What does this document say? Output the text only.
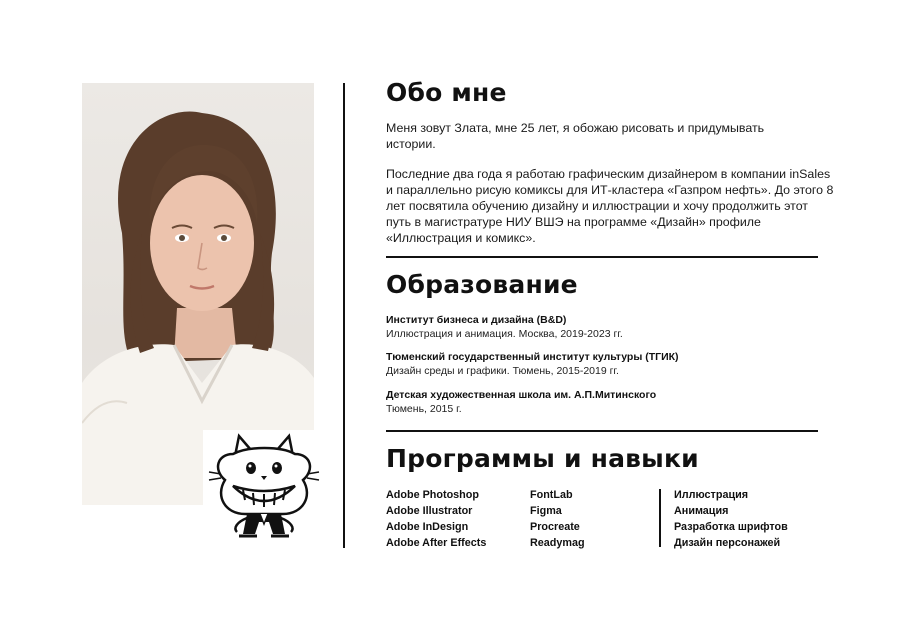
Обо мне

Меня зовут Злата, мне 25 лет, я обожаю рисовать и придумывать истории.

Последние два года я работаю графическим дизайнером в компании inSales и параллельно рисую комиксы для ИТ-кластера «Газпром нефть». До этого 8 лет посвятила обучению дизайну и иллюстрации и хочу продолжить этот путь в магистратуре НИУ ВШЭ на программе «Дизайн» профиле «Иллюстрация и комикс».

Образование
Институт бизнеса и дизайна (B&D)
Иллюстрация и анимация. Москва, 2019-2023 гг.
Тюменский государственный институт культуры (ТГИК)
Дизайн среды и графики. Тюмень, 2015-2019 гг.
Детская художественная школа им. А.П.Митинского
Тюмень, 2015 г.
Программы и навыки
Adobe Photoshop
Adobe Illustrator
Adobe InDesign
Adobe After Effects
FontLab
Figma
Procreate
Readymag
Иллюстрация
Анимация
Разработка шрифтов
Дизайн персонажей
